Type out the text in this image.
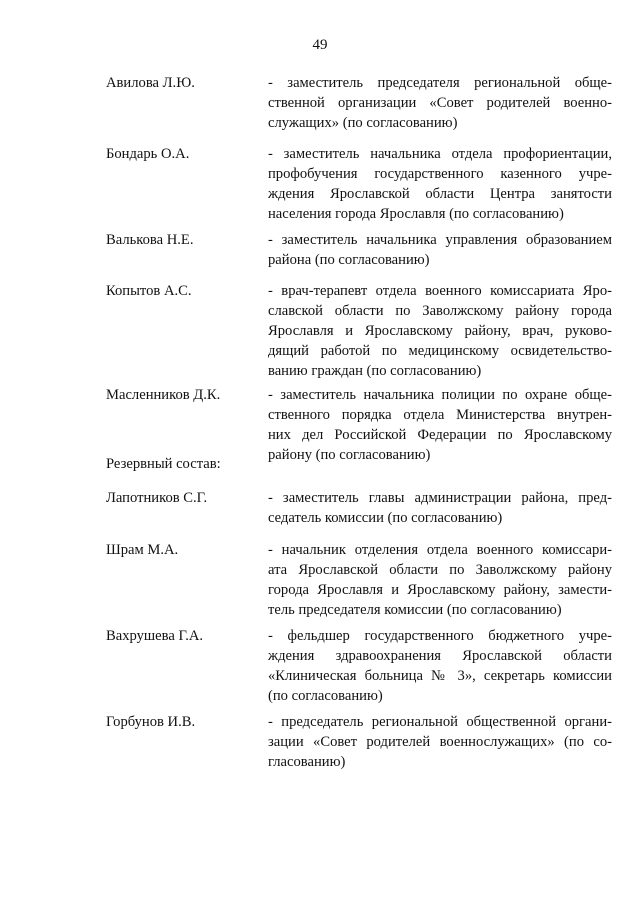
49
Авилова Л.Ю.	- заместитель председателя региональной обще-
ственной организации «Совет родителей военно-
служащих» (по согласованию)
Бондарь О.А.	- заместитель начальника отдела профориентации,
профобучения государственного казенного учре-
ждения Ярославской области Центра занятости
населения города Ярославля (по согласованию)
Валькова Н.Е.	- заместитель начальника управления образованием
района (по согласованию)
Копытов А.С.	- врач-терапевт отдела военного комиссариата Яро-
славской области по Заволжскому району города
Ярославля и Ярославскому району, врач, руково-
дящий работой по медицинскому освидетельство-
ванию граждан (по согласованию)
Масленников Д.К.	- заместитель начальника полиции по охране обще-
ственного порядка отдела Министерства внутрен-
них дел Российской Федерации по Ярославскому
району (по согласованию)
Резервный состав:
Лапотников С.Г.	- заместитель главы администрации района, пред-
седатель комиссии (по согласованию)
Шрам М.А.	- начальник отделения отдела военного комиссари-
ата Ярославской области по Заволжскому району
города Ярославля и Ярославскому району, замести-
тель председателя комиссии (по согласованию)
Вахрушева Г.А.	- фельдшер государственного бюджетного учре-
ждения здравоохранения Ярославской области
«Клиническая больница № 3», секретарь комиссии
(по согласованию)
Горбунов И.В.	- председатель региональной общественной органи-
зации «Совет родителей военнослужащих» (по со-
гласованию)
